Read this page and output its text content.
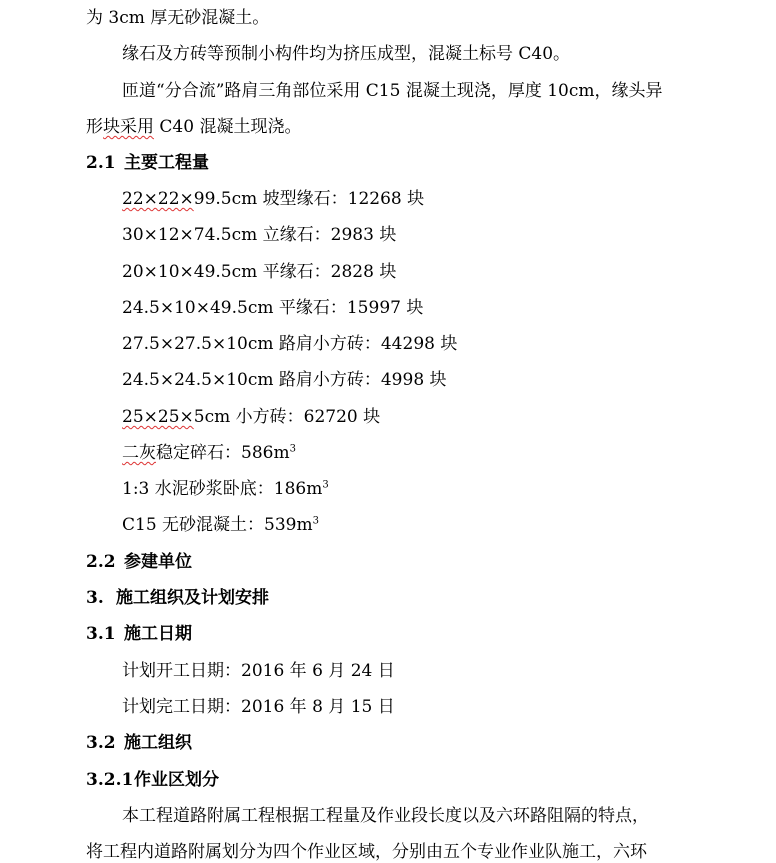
为 3cm 厚无砂混凝土。
缘石及方砖等预制小构件均为挤压成型，混凝土标号 C40。
匝道“分合流”路肩三角部位采用 C15 混凝土现浇，厚度 10cm，缘头异
形块采用 C40 混凝土现浇。
2.1 主要工程量
22×22×99.5cm 坡型缘石：12268 块
30×12×74.5cm 立缘石：2983 块
20×10×49.5cm 平缘石：2828 块
24.5×10×49.5cm 平缘石：15997 块
27.5×27.5×10cm 路肩小方砖：44298 块
24.5×24.5×10cm 路肩小方砖：4998 块
25×25×5cm 小方砖：62720 块
二灰稳定碎石：$586m^3$
1:3 水泥砂浆卧底：$186m^3$
C15 无砂混凝土：$539m^3$
2.2 参建单位
3. 施工组织及计划安排
3.1 施工日期
计划开工日期：2016 年 6 月 24 日
计划完工日期：2016 年 8 月 15 日
3.2 施工组织
3.2.1作业区划分
本工程道路附属工程根据工程量及作业段长度以及六环路阻隔的特点，
将工程内道路附属划分为四个作业区域，分别由五个专业作业队施工，六环
